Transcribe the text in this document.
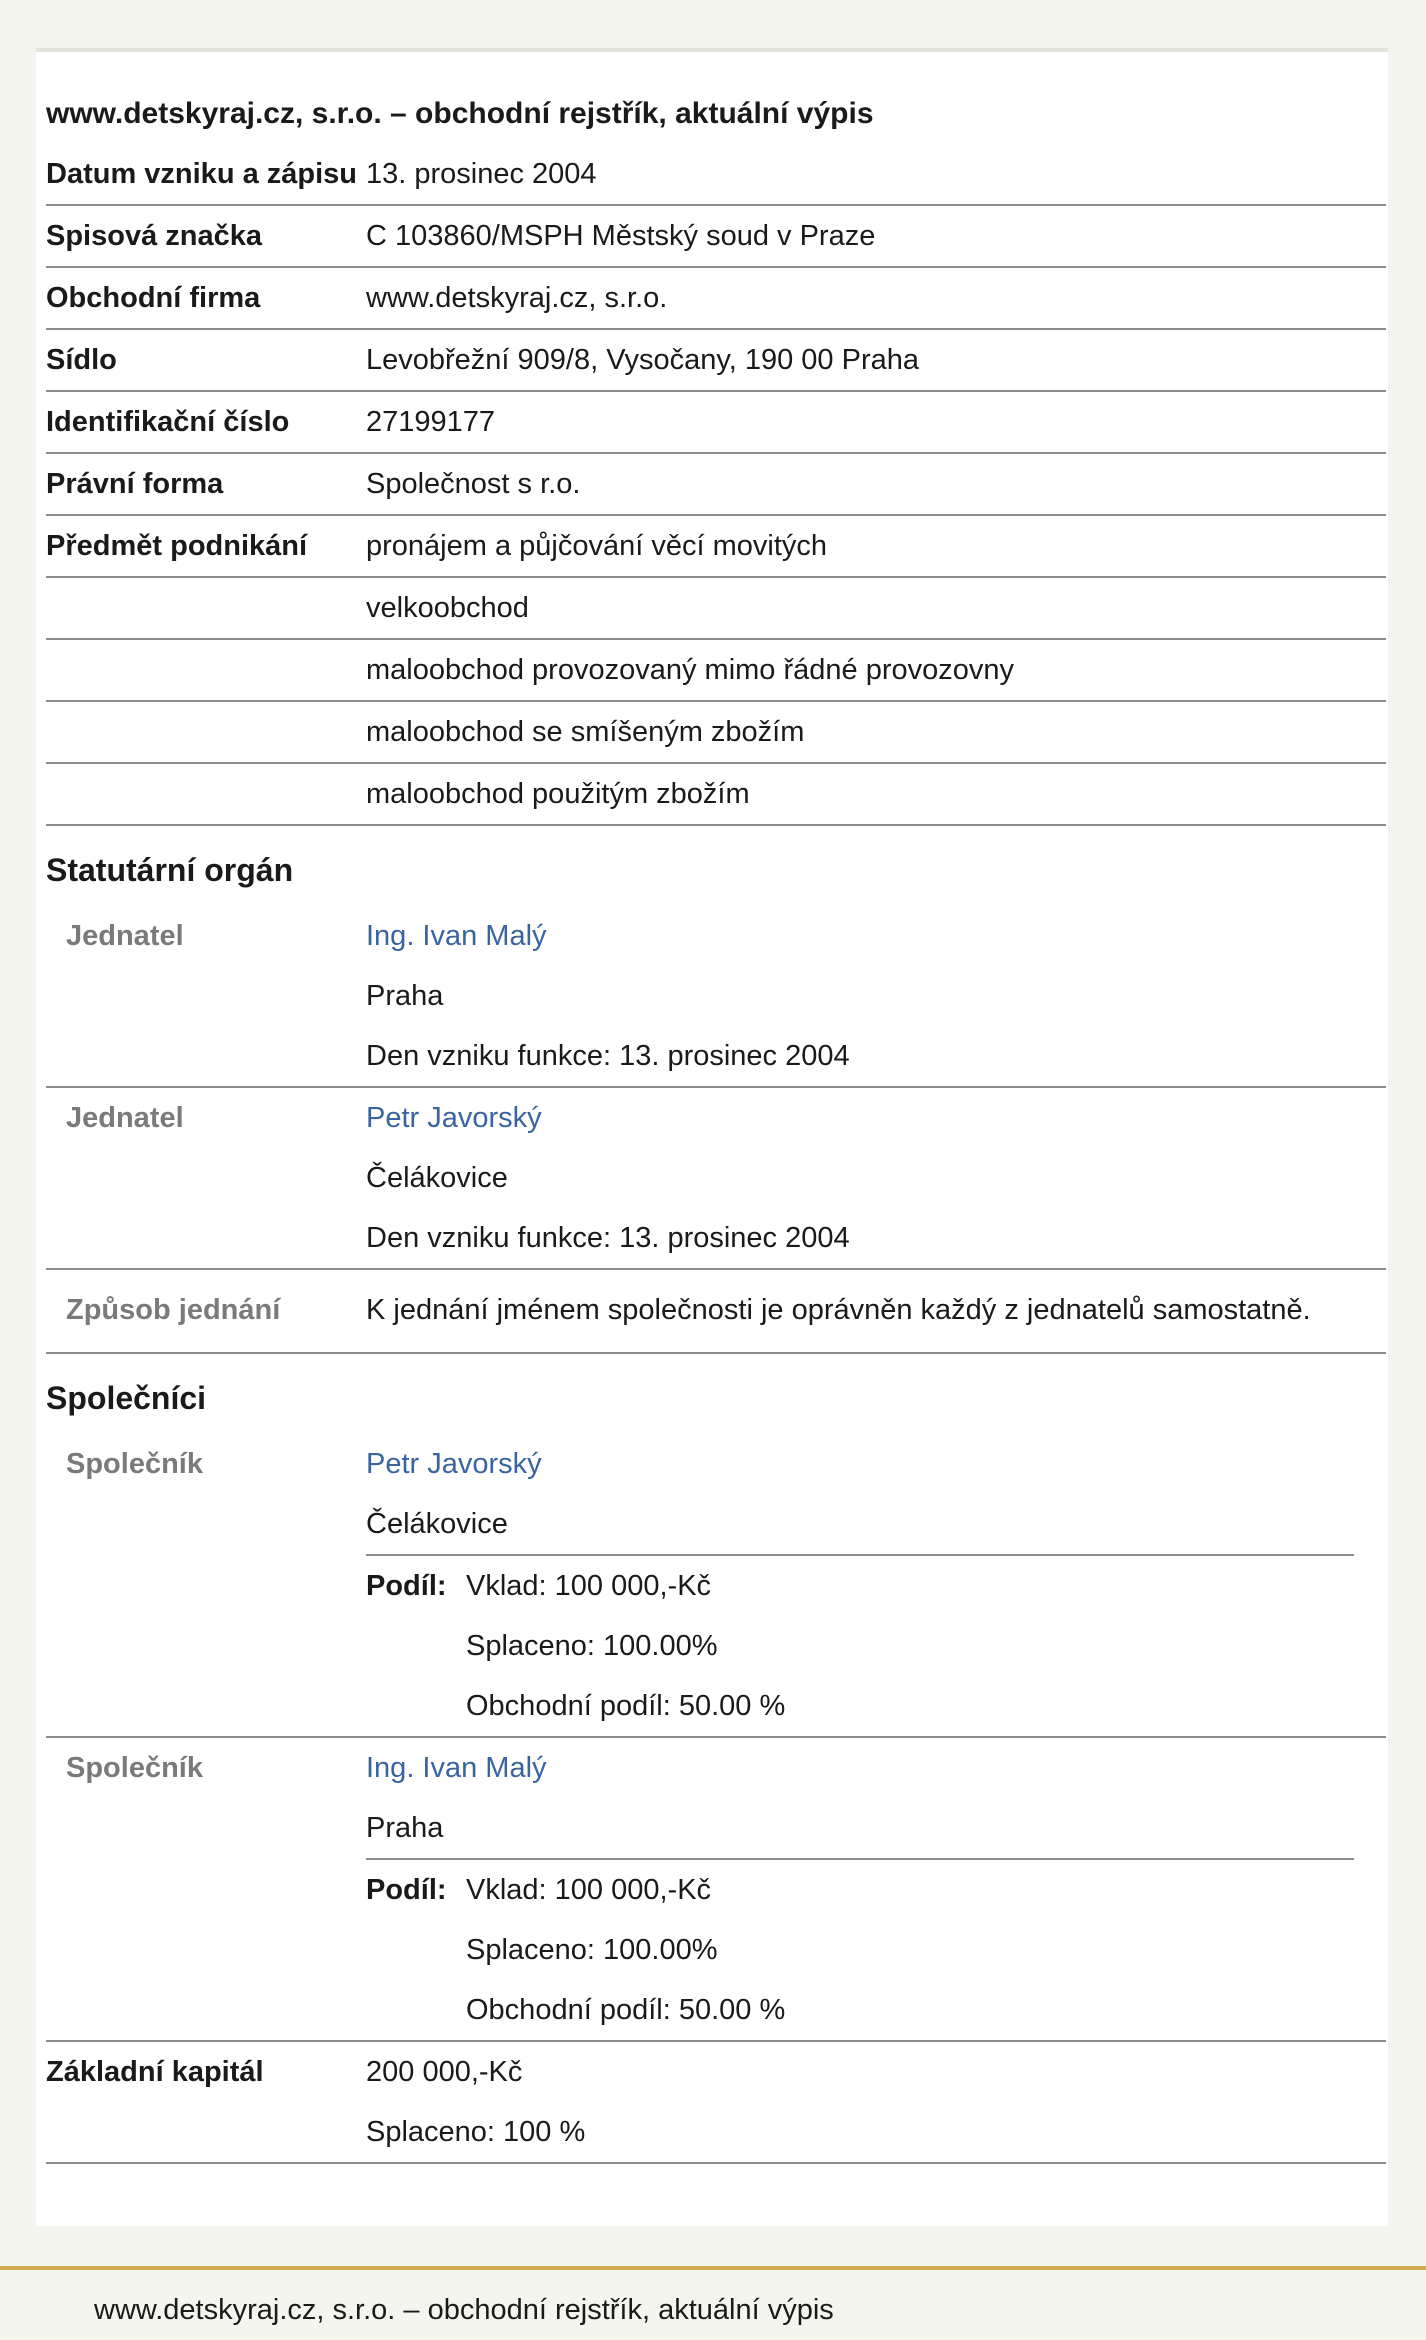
www.detskyraj.cz, s.r.o. – obchodní rejstřík, aktuální výpis
Datum vzniku a zápisu 13. prosinec 2004
Spisová značka	C 103860/MSPH Městský soud v Praze
Obchodní firma	www.detskyraj.cz, s.r.o.
Sídlo	Levobřežní 909/8, Vysočany, 190 00 Praha
Identifikační číslo	27199177
Právní forma	Společnost s r.o.
Předmět podnikání	pronájem a půjčování věcí movitých
velkoobchod
maloobchod provozovaný mimo řádné provozovny
maloobchod se smíšeným zbožím
maloobchod použitým zbožím
Statutární orgán
Jednatel	Ing. Ivan Malý
Praha
Den vzniku funkce: 13. prosinec 2004
Jednatel	Petr Javorský
Čelákovice
Den vzniku funkce: 13. prosinec 2004
Způsob jednání	K jednání jménem společnosti je oprávněn každý z jednatelů samostatně.
Společníci
Společník	Petr Javorský
Čelákovice
Podíl: Vklad: 100 000,-Kč
Splaceno: 100.00%
Obchodní podíl: 50.00 %
Společník	Ing. Ivan Malý
Praha
Podíl: Vklad: 100 000,-Kč
Splaceno: 100.00%
Obchodní podíl: 50.00 %
Základní kapitál	200 000,-Kč
Splaceno: 100 %
www.detskyraj.cz, s.r.o. – obchodní rejstřík, aktuální výpis
